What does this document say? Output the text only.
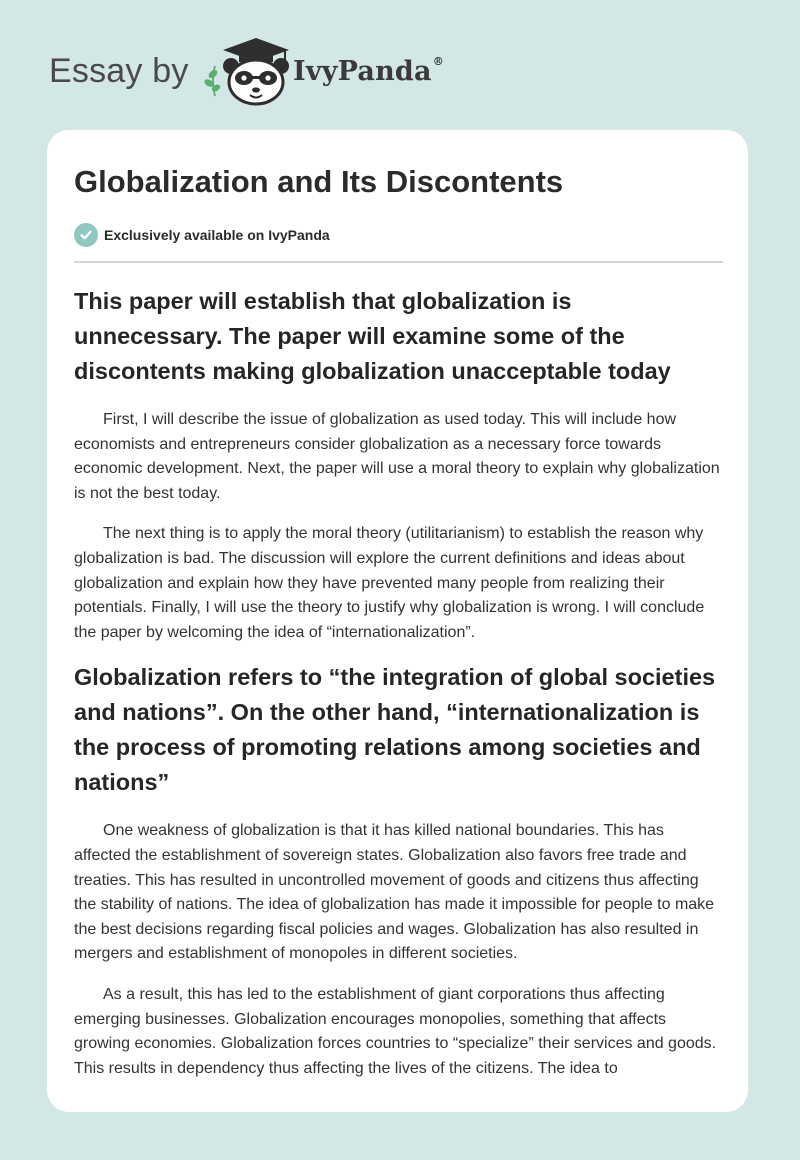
Essay by	IvyPanda®
Globalization and Its Discontents
Exclusively available on IvyPanda
This paper will establish that globalization is unnecessary. The paper will examine some of the discontents making globalization unacceptable today

First, I will describe the issue of globalization as used today. This will include how economists and entrepreneurs consider globalization as a necessary force towards economic development. Next, the paper will use a moral theory to explain why globalization is not the best today.

The next thing is to apply the moral theory (utilitarianism) to establish the reason why globalization is bad. The discussion will explore the current definitions and ideas about globalization and explain how they have prevented many people from realizing their potentials. Finally, I will use the theory to justify why globalization is wrong. I will conclude the paper by welcoming the idea of “internationalization”.

Globalization refers to “the integration of global societies and nations”. On the other hand, “internationalization is the process of promoting relations among societies and nations”

One weakness of globalization is that it has killed national boundaries. This has affected the establishment of sovereign states. Globalization also favors free trade and treaties. This has resulted in uncontrolled movement of goods and citizens thus affecting the stability of nations. The idea of globalization has made it impossible for people to make the best decisions regarding fiscal policies and wages. Globalization has also resulted in mergers and establishment of monopoles in different societies.

As a result, this has led to the establishment of giant corporations thus affecting emerging businesses. Globalization encourages monopolies, something that affects growing economies. Globalization forces countries to “specialize” their services and goods. This results in dependency thus affecting the lives of the citizens. The idea to
